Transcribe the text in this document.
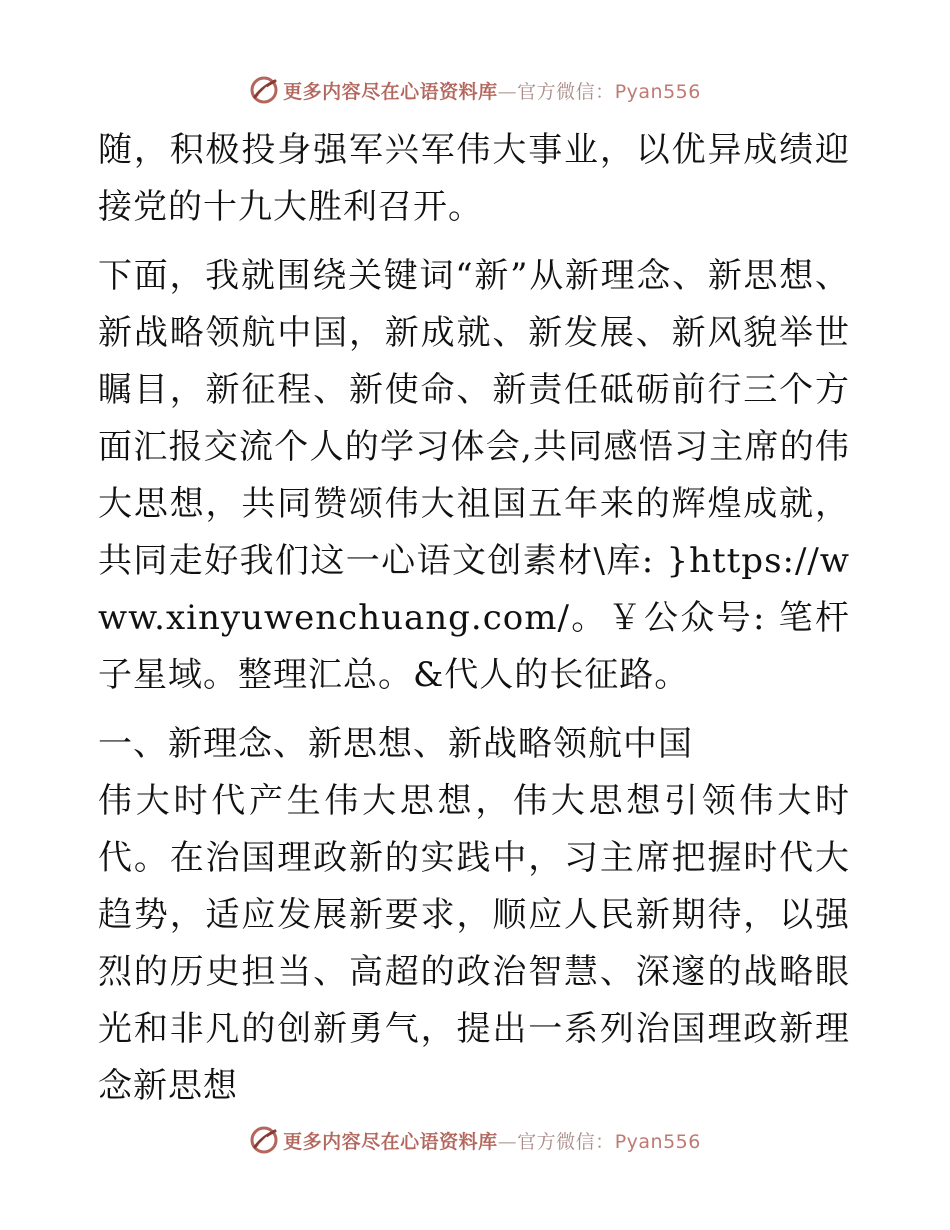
更多内容尽在心语资料库—官方微信：Pyan556

随，积极投身强军兴军伟大事业，以优异成绩迎接党的十九大胜利召开。

下面，我就围绕关键词“新”从新理念、新思想、新战略领航中国，新成就、新发展、新风貌举世瞩目，新征程、新使命、新责任砥砺前行三个方面汇报交流个人的学习体会,共同感悟习主席的伟大思想，共同赞颂伟大祖国五年来的辉煌成就，共同走好我们这一心语文创素材\库: }https://www.xinyuwenchuang.com/。￥公众号: 笔杆子星域。整理汇总。&代人的长征路。

一、新理念、新思想、新战略领航中国

伟大时代产生伟大思想，伟大思想引领伟大时代。在治国理政新的实践中，习主席把握时代大趋势，适应发展新要求，顺应人民新期待，以强烈的历史担当、高超的政治智慧、深邃的战略眼光和非凡的创新勇气，提出一系列治国理政新理念新思想

更多内容尽在心语资料库—官方微信：Pyan556
